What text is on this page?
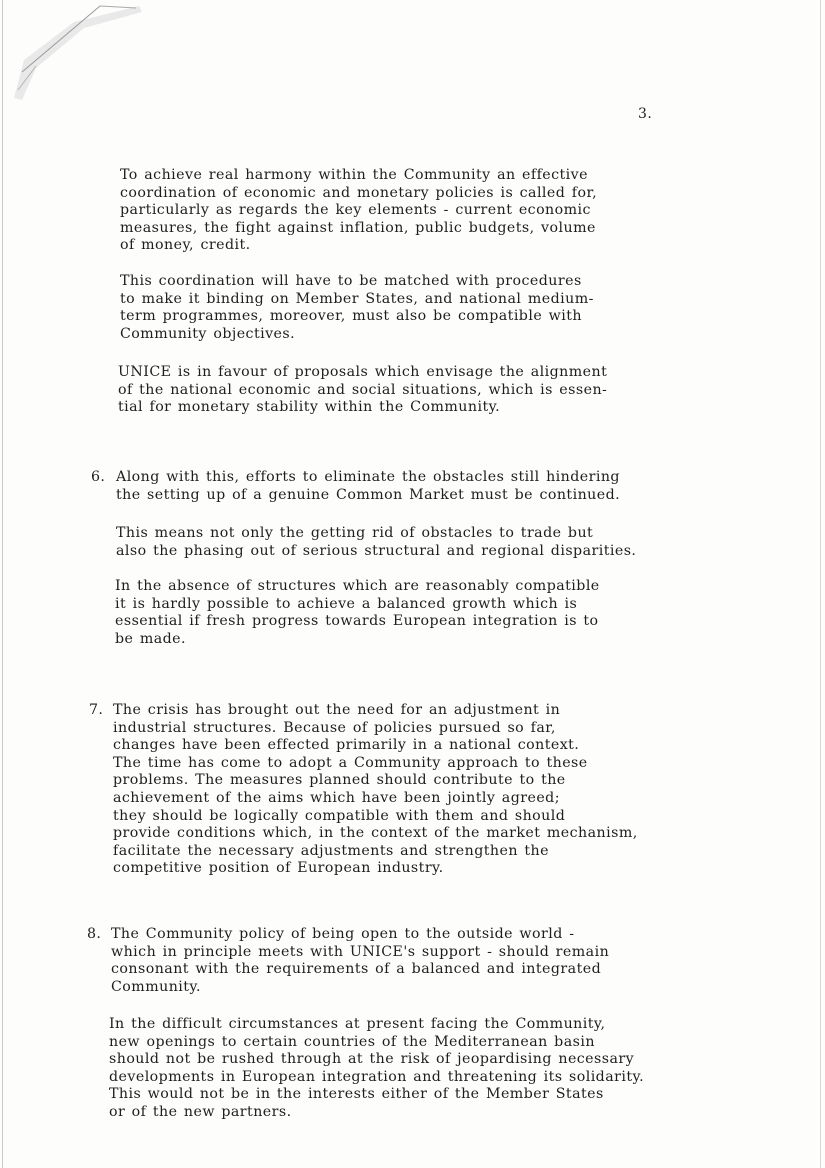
3.
To achieve real harmony within the Community an effective
coordination of economic and monetary policies is called for,
particularly as regards the key elements - current economic
measures, the fight against inflation, public budgets, volume
of money, credit.
This coordination will have to be matched with procedures
to make it binding on Member States, and national medium-
term programmes, moreover, must also be compatible with
Community objectives.
UNICE is in favour of proposals which envisage the alignment
of the national economic and social situations, which is essen-
tial for monetary stability within the Community.
6. Along with this, efforts to eliminate the obstacles still hindering
the setting up of a genuine Common Market must be continued.
This means not only the getting rid of obstacles to trade but
also the phasing out of serious structural and regional disparities.
In the absence of structures which are reasonably compatible
it is hardly possible to achieve a balanced growth which is
essential if fresh progress towards European integration is to
be made.
7. The crisis has brought out the need for an adjustment in
industrial structures. Because of policies pursued so far,
changes have been effected primarily in a national context.
The time has come to adopt a Community approach to these
problems. The measures planned should contribute to the
achievement of the aims which have been jointly agreed;
they should be logically compatible with them and should
provide conditions which, in the context of the market mechanism,
facilitate the necessary adjustments and strengthen the
competitive position of European industry.
8. The Community policy of being open to the outside world -
which in principle meets with UNICE's support - should remain
consonant with the requirements of a balanced and integrated
Community.
In the difficult circumstances at present facing the Community,
new openings to certain countries of the Mediterranean basin
should not be rushed through at the risk of jeopardising necessary
developments in European integration and threatening its solidarity.
This would not be in the interests either of the Member States
or of the new partners.
